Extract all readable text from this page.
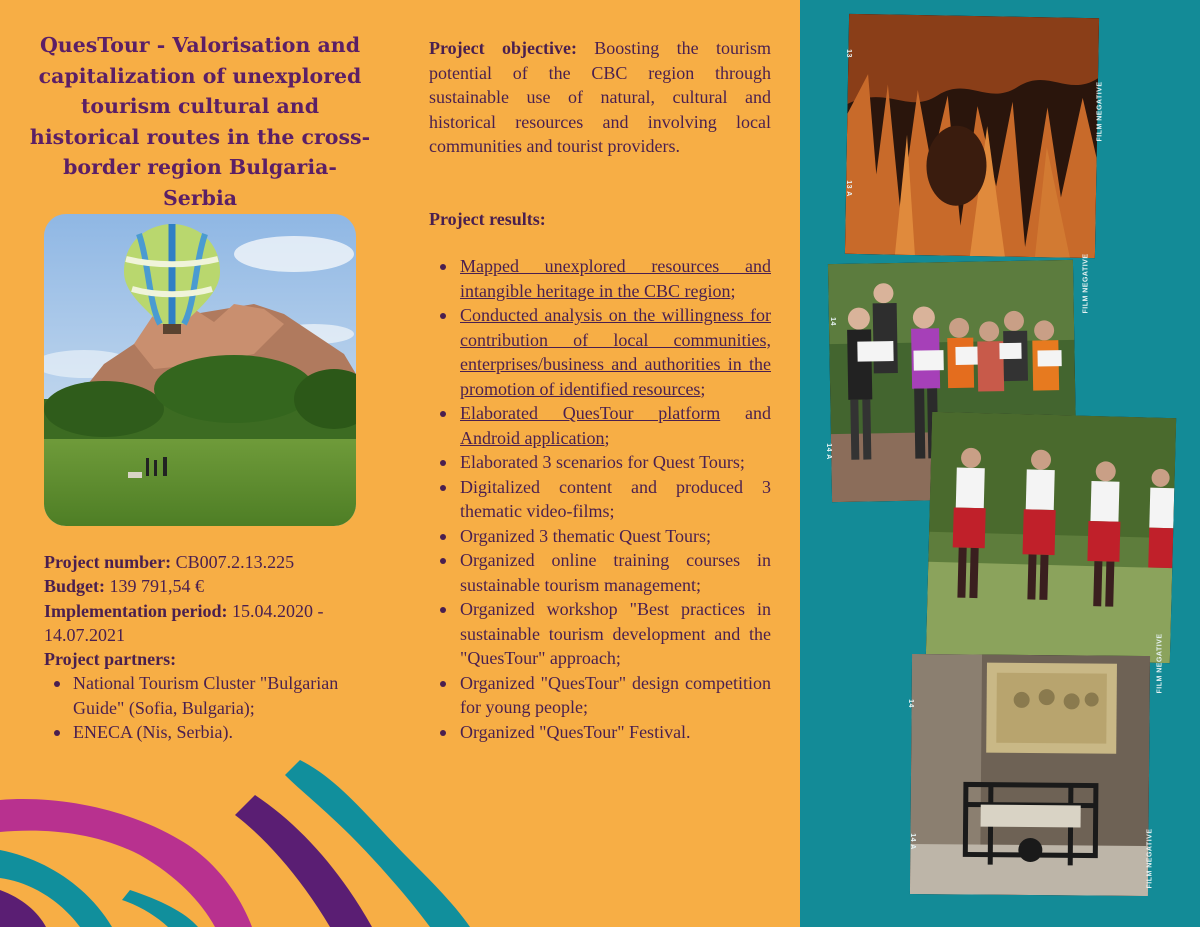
QuesTour - Valorisation and capitalization of unexplored tourism cultural and historical routes in the cross-border region Bulgaria-Serbia
Project number: CB007.2.13.225
Budget: 139 791,54 €
Implementation period: 15.04.2020 - 14.07.2021
Project partners:
National Tourism Cluster "Bulgarian Guide" (Sofia, Bulgaria);
ENECA (Nis, Serbia).

Project objective: Boosting the tourism potential of the CBC region through sustainable use of natural, cultural and historical resources and involving local communities and tourist providers.

Project results:
Mapped unexplored resources and intangible heritage in the CBC region;
Conducted analysis on the willingness for contribution of local communities, enterprises/business and authorities in the promotion of identified resources;
Elaborated QuesTour platform and Android application;
Elaborated 3 scenarios for Quest Tours;
Digitalized content and produced 3 thematic video-films;
Organized 3 thematic Quest Tours;
Organized online training courses in sustainable tourism management;
Organized workshop "Best practices in sustainable tourism development and the "QuesTour" approach;
Organized "QuesTour" design competition for young people;
Organized "QuesTour" Festival.
FILM NEGATIVE
FILM NEGATIVE
FILM NEGATIVE
FILM NEGATIVE
13
13 A
14
14 A
14
14 A
